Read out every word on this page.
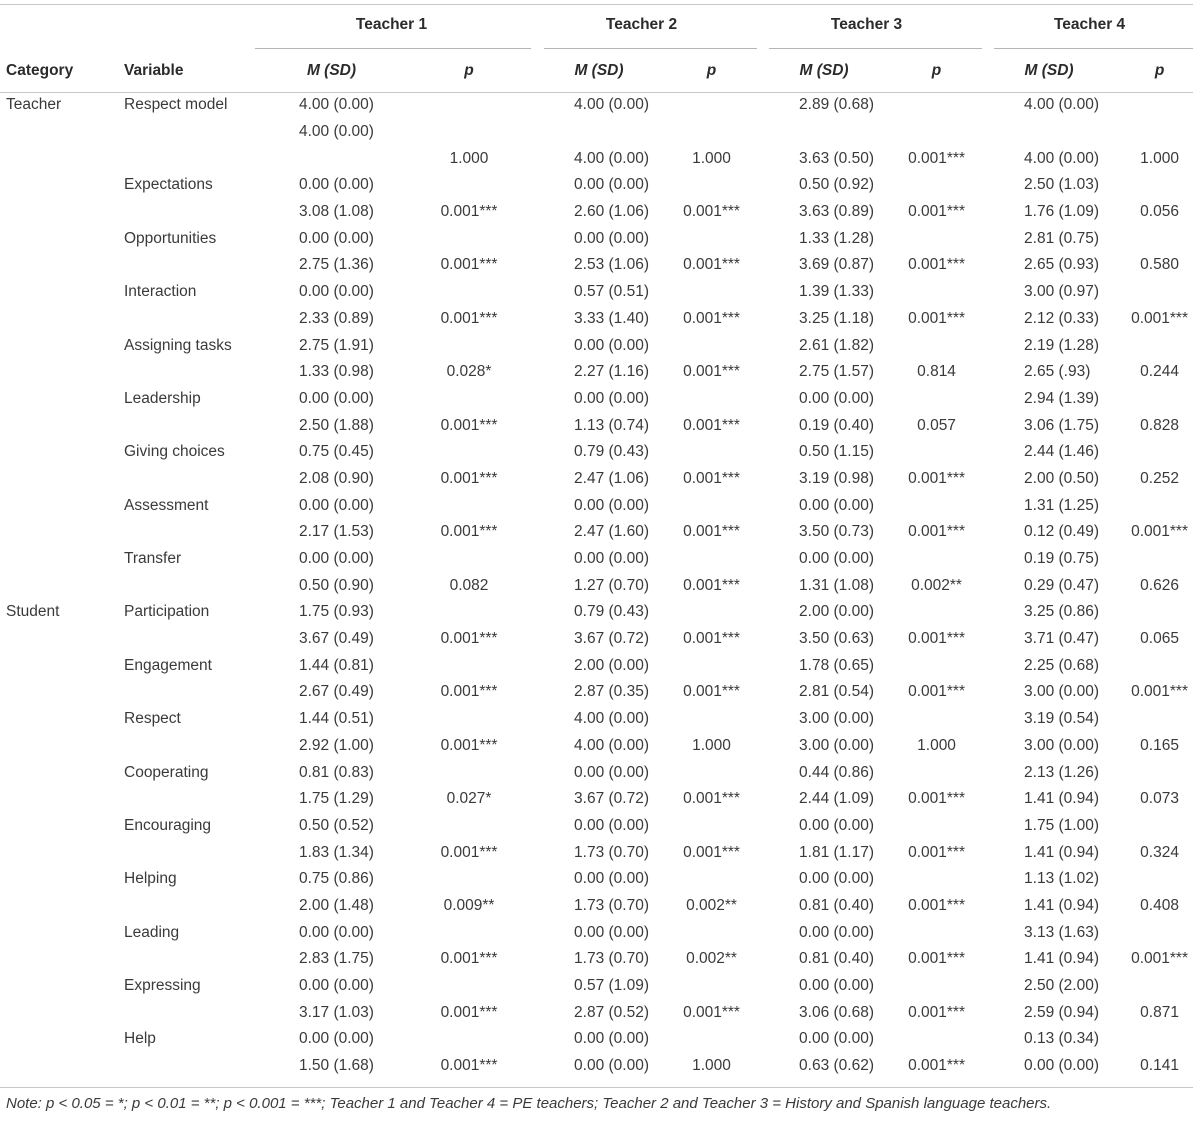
		Teacher 1		Teacher 2		Teacher 3		Teacher 4	
Category	Variable	M (SD)	p	M (SD)	p	M (SD)	p	M (SD)	p
Teacher	Respect model	4.00 (0.00)		4.00 (0.00)		2.89 (0.68)		4.00 (0.00)	
		4.00 (0.00)							
			1.000	4.00 (0.00)	1.000	3.63 (0.50)	0.001***	4.00 (0.00)	1.000
	Expectations	0.00 (0.00)		0.00 (0.00)		0.50 (0.92)		2.50 (1.03)	
		3.08 (1.08)	0.001***	2.60 (1.06)	0.001***	3.63 (0.89)	0.001***	1.76 (1.09)	0.056
	Opportunities	0.00 (0.00)		0.00 (0.00)		1.33 (1.28)		2.81 (0.75)	
		2.75 (1.36)	0.001***	2.53 (1.06)	0.001***	3.69 (0.87)	0.001***	2.65 (0.93)	0.580
	Interaction	0.00 (0.00)		0.57 (0.51)		1.39 (1.33)		3.00 (0.97)	
		2.33 (0.89)	0.001***	3.33 (1.40)	0.001***	3.25 (1.18)	0.001***	2.12 (0.33)	0.001***
	Assigning tasks	2.75 (1.91)		0.00 (0.00)		2.61 (1.82)		2.19 (1.28)	
		1.33 (0.98)	0.028*	2.27 (1.16)	0.001***	2.75 (1.57)	0.814	2.65 (.93)	0.244
	Leadership	0.00 (0.00)		0.00 (0.00)		0.00 (0.00)		2.94 (1.39)	
		2.50 (1.88)	0.001***	1.13 (0.74)	0.001***	0.19 (0.40)	0.057	3.06 (1.75)	0.828
	Giving choices	0.75 (0.45)		0.79 (0.43)		0.50 (1.15)		2.44 (1.46)	
		2.08 (0.90)	0.001***	2.47 (1.06)	0.001***	3.19 (0.98)	0.001***	2.00 (0.50)	0.252
	Assessment	0.00 (0.00)		0.00 (0.00)		0.00 (0.00)		1.31 (1.25)	
		2.17 (1.53)	0.001***	2.47 (1.60)	0.001***	3.50 (0.73)	0.001***	0.12 (0.49)	0.001***
	Transfer	0.00 (0.00)		0.00 (0.00)		0.00 (0.00)		0.19 (0.75)	
		0.50 (0.90)	0.082	1.27 (0.70)	0.001***	1.31 (1.08)	0.002**	0.29 (0.47)	0.626
Student	Participation	1.75 (0.93)		0.79 (0.43)		2.00 (0.00)		3.25 (0.86)	
		3.67 (0.49)	0.001***	3.67 (0.72)	0.001***	3.50 (0.63)	0.001***	3.71 (0.47)	0.065
	Engagement	1.44 (0.81)		2.00 (0.00)		1.78 (0.65)		2.25 (0.68)	
		2.67 (0.49)	0.001***	2.87 (0.35)	0.001***	2.81 (0.54)	0.001***	3.00 (0.00)	0.001***
	Respect	1.44 (0.51)		4.00 (0.00)		3.00 (0.00)		3.19 (0.54)	
		2.92 (1.00)	0.001***	4.00 (0.00)	1.000	3.00 (0.00)	1.000	3.00 (0.00)	0.165
	Cooperating	0.81 (0.83)		0.00 (0.00)		0.44 (0.86)		2.13 (1.26)	
		1.75 (1.29)	0.027*	3.67 (0.72)	0.001***	2.44 (1.09)	0.001***	1.41 (0.94)	0.073
	Encouraging	0.50 (0.52)		0.00 (0.00)		0.00 (0.00)		1.75 (1.00)	
		1.83 (1.34)	0.001***	1.73 (0.70)	0.001***	1.81 (1.17)	0.001***	1.41 (0.94)	0.324
	Helping	0.75 (0.86)		0.00 (0.00)		0.00 (0.00)		1.13 (1.02)	
		2.00 (1.48)	0.009**	1.73 (0.70)	0.002**	0.81 (0.40)	0.001***	1.41 (0.94)	0.408
	Leading	0.00 (0.00)		0.00 (0.00)		0.00 (0.00)		3.13 (1.63)	
		2.83 (1.75)	0.001***	1.73 (0.70)	0.002**	0.81 (0.40)	0.001***	1.41 (0.94)	0.001***
	Expressing	0.00 (0.00)		0.57 (1.09)		0.00 (0.00)		2.50 (2.00)	
		3.17 (1.03)	0.001***	2.87 (0.52)	0.001***	3.06 (0.68)	0.001***	2.59 (0.94)	0.871
	Help	0.00 (0.00)		0.00 (0.00)		0.00 (0.00)		0.13 (0.34)	
		1.50 (1.68)	0.001***	0.00 (0.00)	1.000	0.63 (0.62)	0.001***	0.00 (0.00)	0.141
Note: p < 0.05 = *; p < 0.01 = **; p < 0.001 = ***; Teacher 1 and Teacher 4 = PE teachers; Teacher 2 and Teacher 3 = History and Spanish language teachers.
